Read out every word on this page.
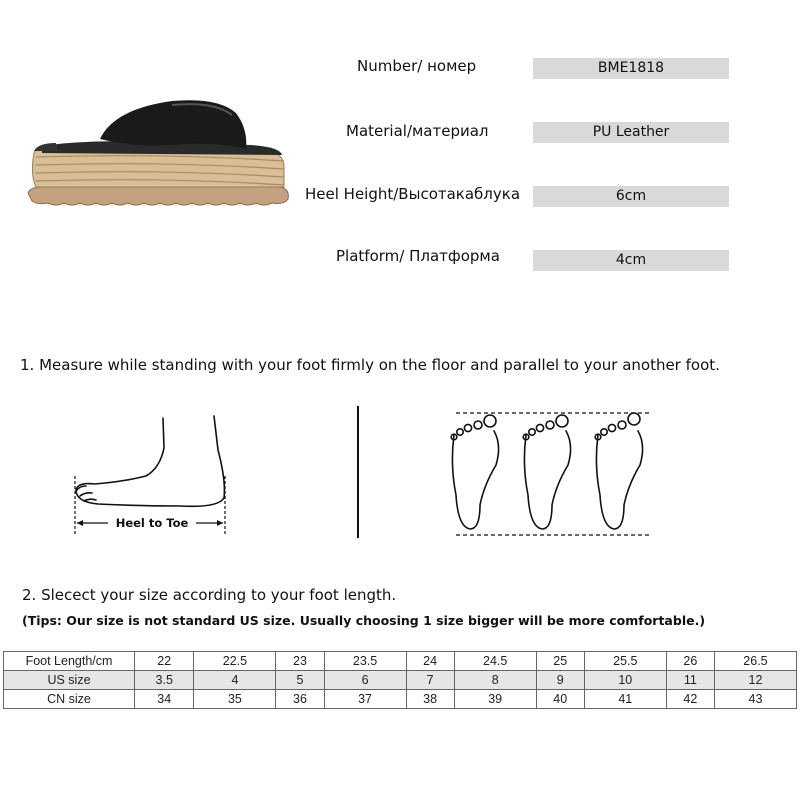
Number/ номер	BME1818
Material/материал	PU Leather
Heel Height/Высотакаблука	6cm
Platform/ Платформа	4cm
1. Measure while standing with your foot firmly on the floor and parallel to your another foot.
Heel to Toe
2. Slecect your size according to your foot length.
(Tips: Our size is not standard US size. Usually choosing 1 size bigger will be more comfortable.)
Foot Length/cm	22	22.5	23	23.5	24	24.5	25	25.5	26	26.5
US size	3.5	4	5	6	7	8	9	10	11	12
CN size	34	35	36	37	38	39	40	41	42	43
